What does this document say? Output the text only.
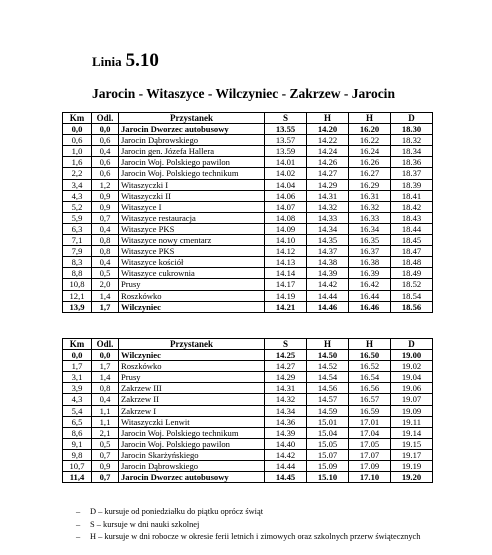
Linia 5.10
Jarocin - Witaszyce - Wilczyniec - Zakrzew - Jarocin
Km	Odl.	Przystanek	S	H	H	D
0,0	0,0	Jarocin Dworzec autobusowy	13.55	14.20	16.20	18.30
0,6	0,6	Jarocin Dąbrowskiego	13.57	14.22	16.22	18.32
1,0	0,4	Jarocin gen. Józefa Hallera	13.59	14.24	16.24	18.34
1,6	0,6	Jarocin Woj. Polskiego pawilon	14.01	14.26	16.26	18.36
2,2	0,6	Jarocin Woj. Polskiego technikum	14.02	14.27	16.27	18.37
3,4	1,2	Witaszyczki I	14.04	14.29	16.29	18.39
4,3	0,9	Witaszyczki II	14.06	14.31	16.31	18.41
5,2	0,9	Witaszyce I	14.07	14.32	16.32	18.42
5,9	0,7	Witaszyce restauracja	14.08	14.33	16.33	18.43
6,3	0,4	Witaszyce PKS	14.09	14.34	16.34	18.44
7,1	0,8	Witaszyce nowy cmentarz	14.10	14.35	16.35	18.45
7,9	0,8	Witaszyce PKS	14.12	14.37	16.37	18.47
8,3	0,4	Witaszyce kościół	14.13	14.38	16.38	18.48
8,8	0,5	Witaszyce cukrownia	14.14	14.39	16.39	18.49
10,8	2,0	Prusy	14.17	14.42	16.42	18.52
12,1	1,4	Roszkówko	14.19	14.44	16.44	18.54
13,9	1,7	Wilczyniec	14.21	14.46	16.46	18.56
Km	Odl.	Przystanek	S	H	H	D
0,0	0,0	Wilczyniec	14.25	14.50	16.50	19.00
1,7	1,7	Roszkówko	14.27	14.52	16.52	19.02
3,1	1,4	Prusy	14.29	14.54	16.54	19.04
3,9	0,8	Zakrzew III	14.31	14.56	16.56	19.06
4,3	0,4	Zakrzew II	14.32	14.57	16.57	19.07
5,4	1,1	Zakrzew I	14.34	14.59	16.59	19.09
6,5	1,1	Witaszyczki Lenwit	14.36	15.01	17.01	19.11
8,6	2,1	Jarocin Woj. Polskiego technikum	14.39	15.04	17.04	19.14
9,1	0,5	Jarocin Woj. Polskiego pawilon	14.40	15.05	17.05	19.15
9,8	0,7	Jarocin Skarżyńskiego	14.42	15.07	17.07	19.17
10,7	0,9	Jarocin Dąbrowskiego	14.44	15.09	17.09	19.19
11,4	0,7	Jarocin Dworzec autobusowy	14.45	15.10	17.10	19.20
– D – kursuje od poniedziałku do piątku oprócz świąt
– S – kursuje w dni nauki szkolnej
– H – kursuje w dni robocze w okresie ferii letnich i zimowych oraz szkolnych przerw świątecznych
